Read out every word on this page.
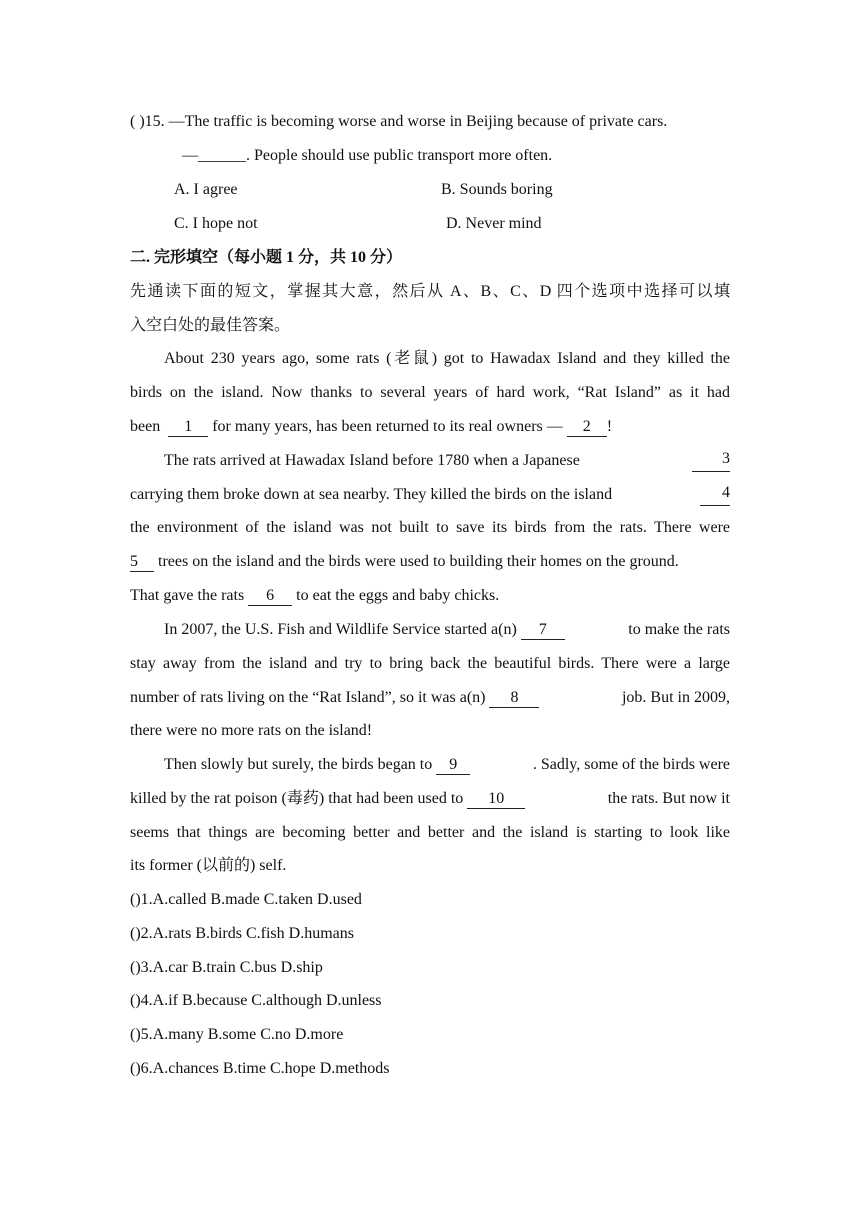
( )15. —The traffic is becoming worse and worse in Beijing because of private cars.
—______. People should use public transport more often.
A. I agree	B. Sounds boring
C. I hope not	D. Never mind
二. 完形填空（每小题 1 分，共 10 分）
先通读下面的短文，掌握其大意，然后从 A、B、C、D 四个选项中选择可以填
入空白处的最佳答案。
About 230 years ago, some rats (老鼠) got to Hawadax Island and they killed the
birds on the island. Now thanks to several years of hard work, “Rat Island” as it had
been 1 for many years, has been returned to its real owners — 2 !
The rats arrived at Hawadax Island before 1780 when a Japanese	3
carrying them broke down at sea nearby. They killed the birds on the island	4
the environment of the island was not built to save its birds from the rats. There were
5 trees on the island and the birds were used to building their homes on the ground.
That gave the rats 6 to eat the eggs and baby chicks.
In 2007, the U.S. Fish and Wildlife Service started a(n) 7	to make the rats
stay away from the island and try to bring back the beautiful birds. There were a large
number of rats living on the “Rat Island”, so it was a(n) 8	job. But in 2009,
there were no more rats on the island!
Then slowly but surely, the birds began to 9	. Sadly, some of the birds were
killed by the rat poison (毒药) that had been used to 10	the rats. But now it
seems that things are becoming better and better and the island is starting to look like
its former (以前的) self.
()1.A.called B.made C.taken D.used
()2.A.rats B.birds C.fish D.humans
()3.A.car B.train C.bus D.ship
()4.A.if B.because C.although D.unless
()5.A.many B.some C.no D.more
()6.A.chances B.time C.hope D.methods
